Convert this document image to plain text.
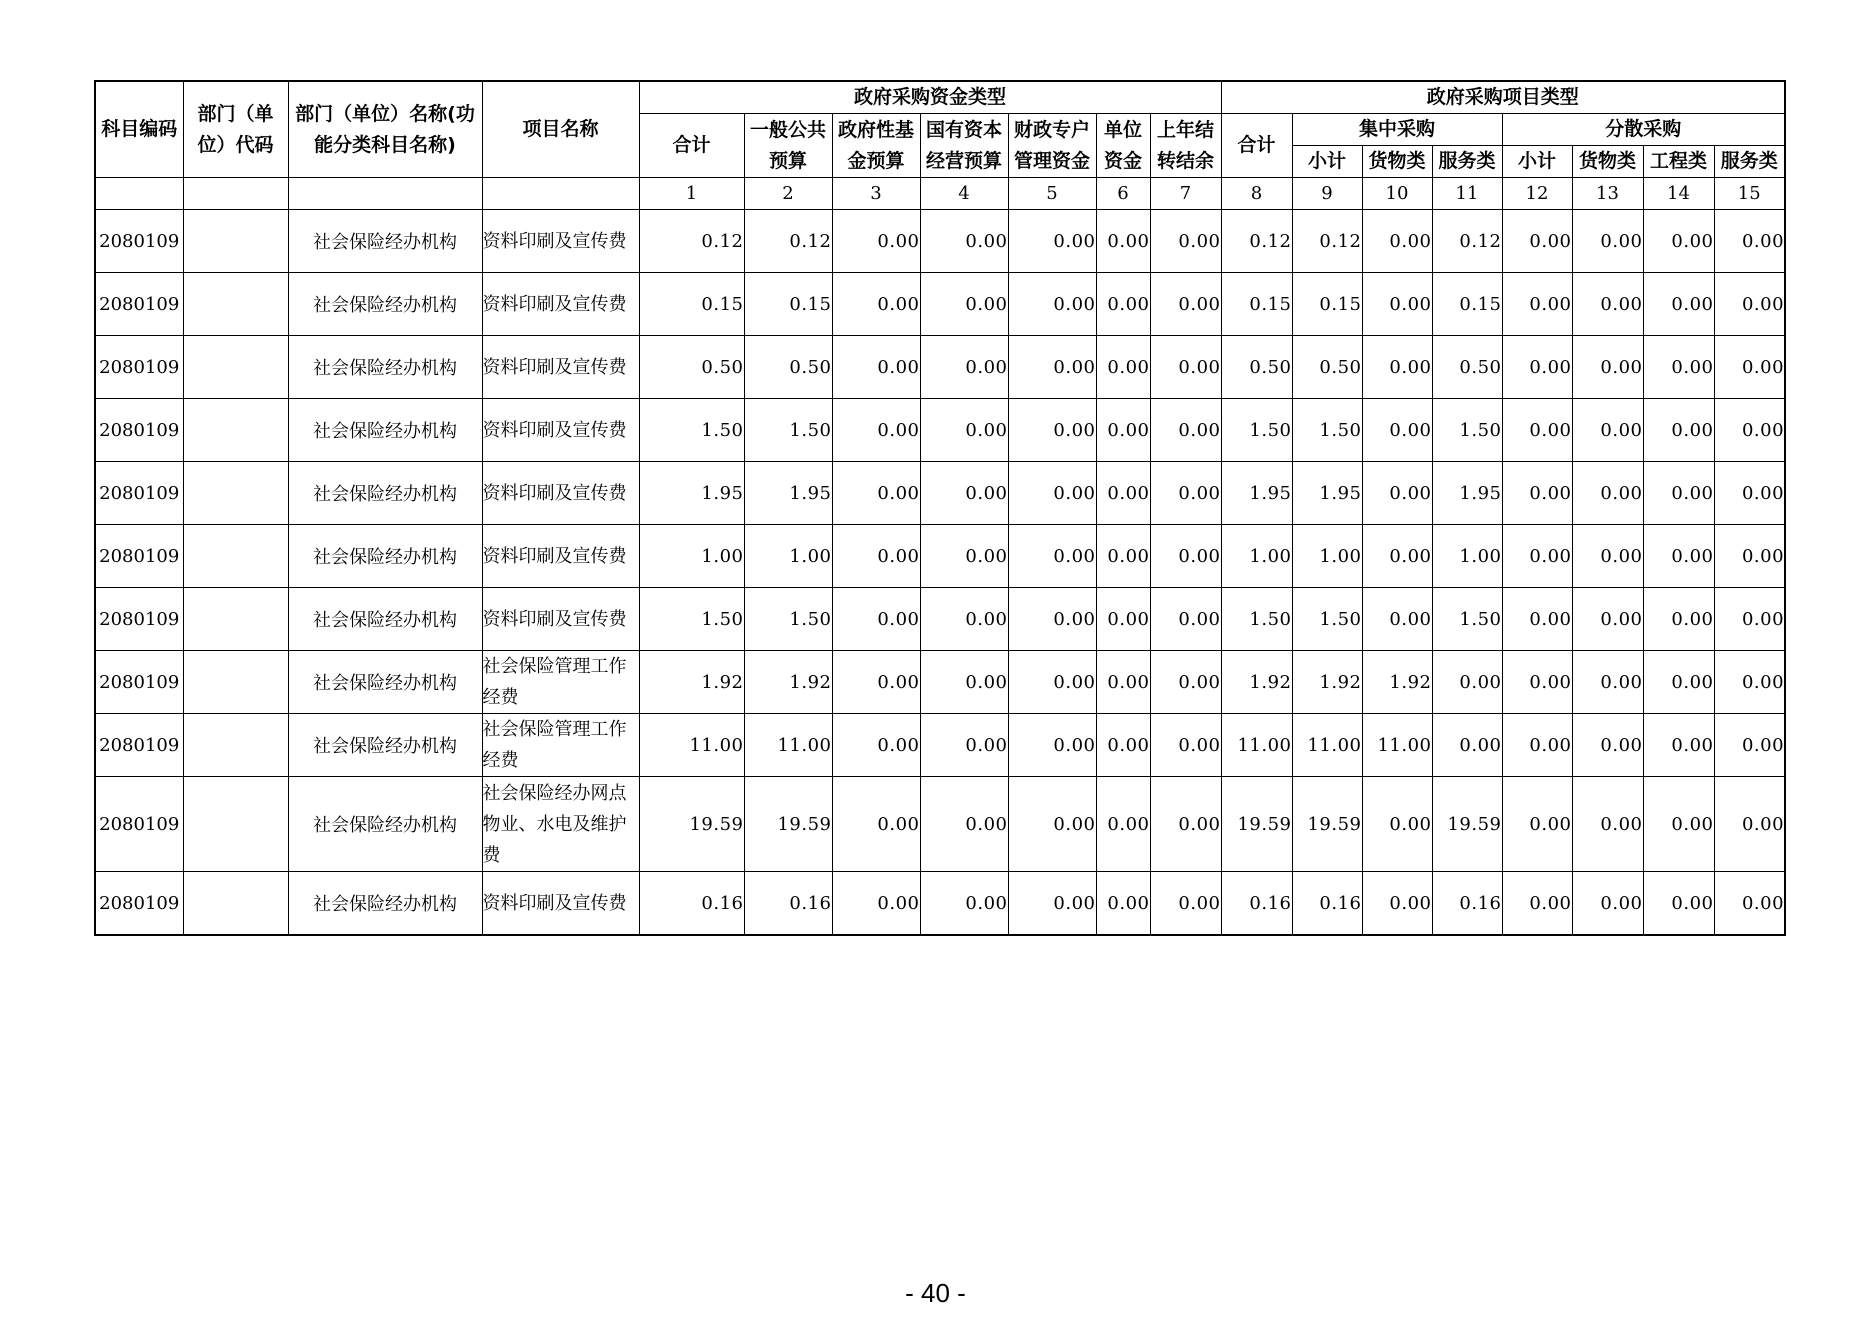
科目编码	部门（单位）代码	部门（单位）名称(功能分类科目名称)	项目名称	政府采购资金类型							政府采购项目类型							
				合计	一般公共预算	政府性基金预算	国有资本经营预算	财政专户管理资金	单位资金	上年结转结余	合计	集中采购			分散采购			
												小计	货物类	服务类	小计	货物类	工程类	服务类
				1	2	3	4	5	6	7	8	9	10	11	12	13	14	15
2080109		社会保险经办机构	资料印刷及宣传费	0.12	0.12	0.00	0.00	0.00	0.00	0.00	0.12	0.12	0.00	0.12	0.00	0.00	0.00	0.00
2080109		社会保险经办机构	资料印刷及宣传费	0.15	0.15	0.00	0.00	0.00	0.00	0.00	0.15	0.15	0.00	0.15	0.00	0.00	0.00	0.00
2080109		社会保险经办机构	资料印刷及宣传费	0.50	0.50	0.00	0.00	0.00	0.00	0.00	0.50	0.50	0.00	0.50	0.00	0.00	0.00	0.00
2080109		社会保险经办机构	资料印刷及宣传费	1.50	1.50	0.00	0.00	0.00	0.00	0.00	1.50	1.50	0.00	1.50	0.00	0.00	0.00	0.00
2080109		社会保险经办机构	资料印刷及宣传费	1.95	1.95	0.00	0.00	0.00	0.00	0.00	1.95	1.95	0.00	1.95	0.00	0.00	0.00	0.00
2080109		社会保险经办机构	资料印刷及宣传费	1.00	1.00	0.00	0.00	0.00	0.00	0.00	1.00	1.00	0.00	1.00	0.00	0.00	0.00	0.00
2080109		社会保险经办机构	资料印刷及宣传费	1.50	1.50	0.00	0.00	0.00	0.00	0.00	1.50	1.50	0.00	1.50	0.00	0.00	0.00	0.00
2080109		社会保险经办机构	社会保险管理工作经费	1.92	1.92	0.00	0.00	0.00	0.00	0.00	1.92	1.92	1.92	0.00	0.00	0.00	0.00	0.00
2080109		社会保险经办机构	社会保险管理工作经费	11.00	11.00	0.00	0.00	0.00	0.00	0.00	11.00	11.00	11.00	0.00	0.00	0.00	0.00	0.00
2080109		社会保险经办机构	社会保险经办网点物业、水电及维护费	19.59	19.59	0.00	0.00	0.00	0.00	0.00	19.59	19.59	0.00	19.59	0.00	0.00	0.00	0.00
2080109		社会保险经办机构	资料印刷及宣传费	0.16	0.16	0.00	0.00	0.00	0.00	0.00	0.16	0.16	0.00	0.16	0.00	0.00	0.00	0.00
- 40 -
